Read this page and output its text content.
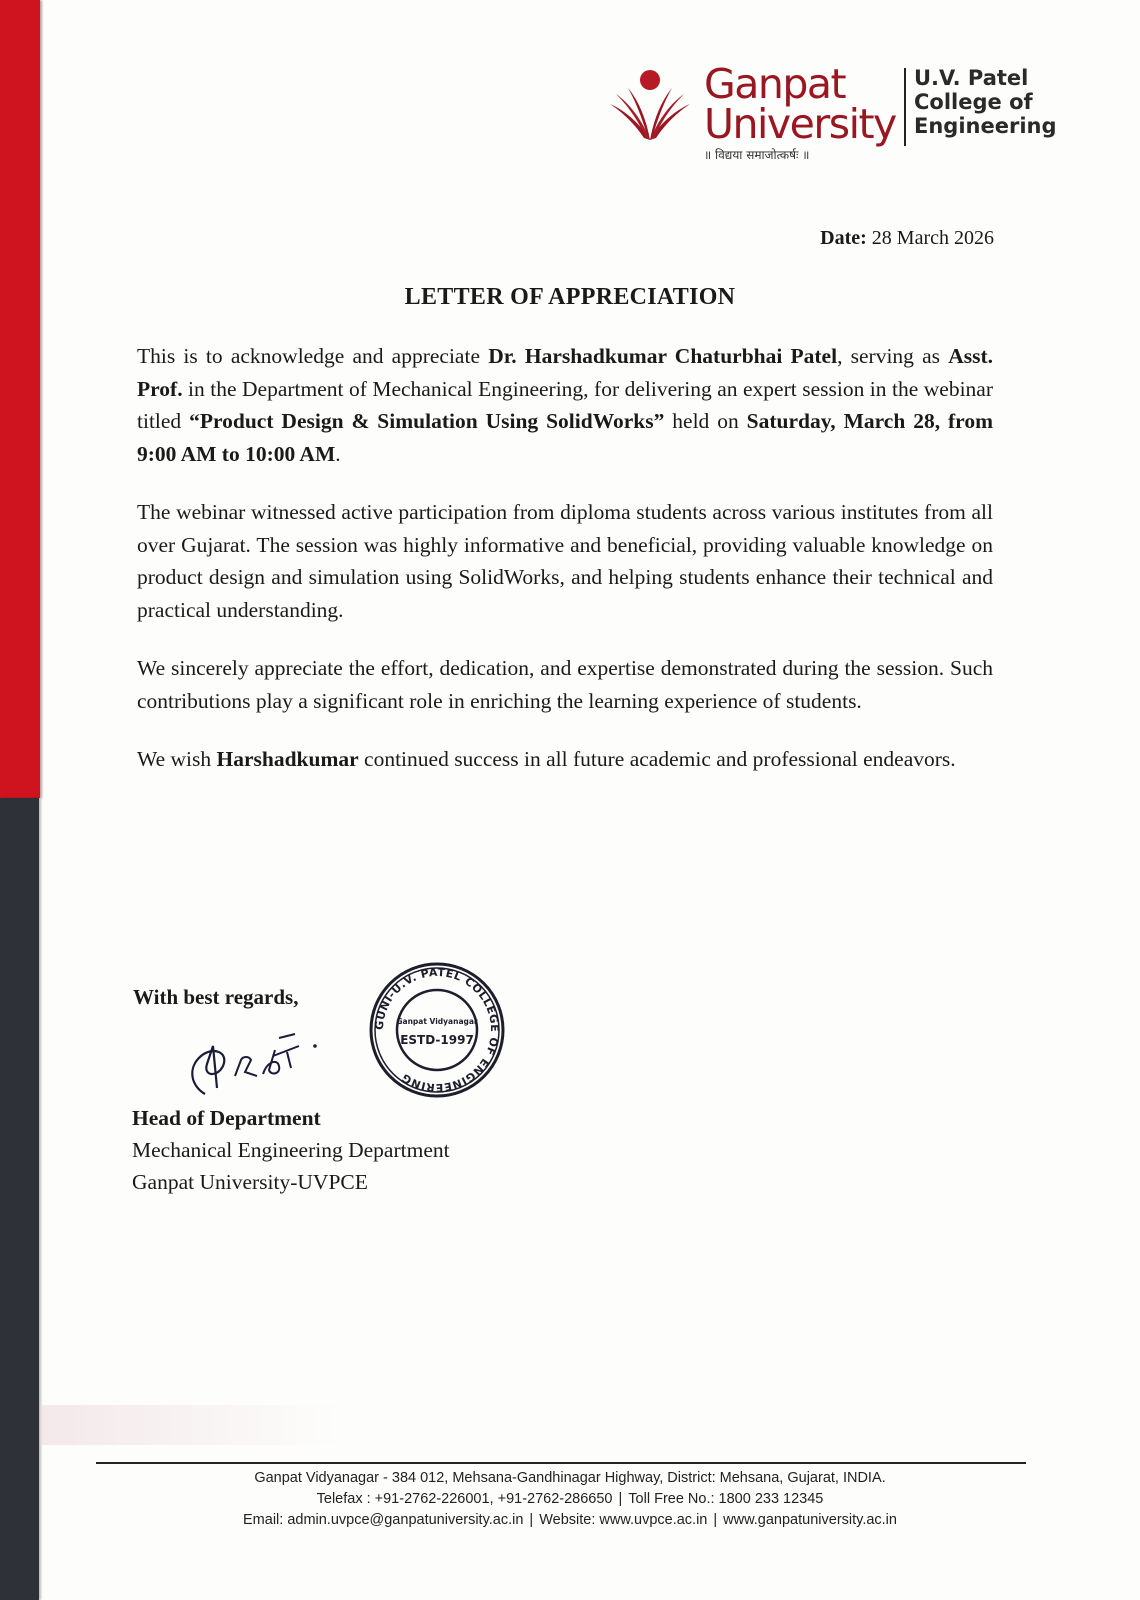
Ganpat
University
॥ विद्यया समाजोत्कर्षः ॥
U.V. Patel
College of
Engineering
Date: 28 March 2026
LETTER OF APPRECIATION

This is to acknowledge and appreciate Dr. Harshadkumar Chaturbhai Patel, serving as Asst. Prof. in the Department of Mechanical Engineering, for delivering an expert session in the webinar titled “Product Design & Simulation Using SolidWorks” held on Saturday, March 28, from 9:00 AM to 10:00 AM.

The webinar witnessed active participation from diploma students across various institutes from all over Gujarat. The session was highly informative and beneficial, providing valuable knowledge on product design and simulation using SolidWorks, and helping students enhance their technical and practical understanding.

We sincerely appreciate the effort, dedication, and expertise demonstrated during the session. Such contributions play a significant role in enriching the learning experience of students.

We wish Harshadkumar continued success in all future academic and professional endeavors.

With best regards,
Head of Department
Mechanical Engineering Department
Ganpat University-UVPCE
GUNI-U.V. PATEL COLLEGE OF ENGINEERING
Ganpat Vidyanagar
ESTD-1997
Ganpat Vidyanagar - 384 012, Mehsana-Gandhinagar Highway, District: Mehsana, Gujarat, INDIA.
Telefax : +91-2762-226001, +91-2762-286650 | Toll Free No.: 1800 233 12345
Email: admin.uvpce@ganpatuniversity.ac.in | Website: www.uvpce.ac.in | www.ganpatuniversity.ac.in
